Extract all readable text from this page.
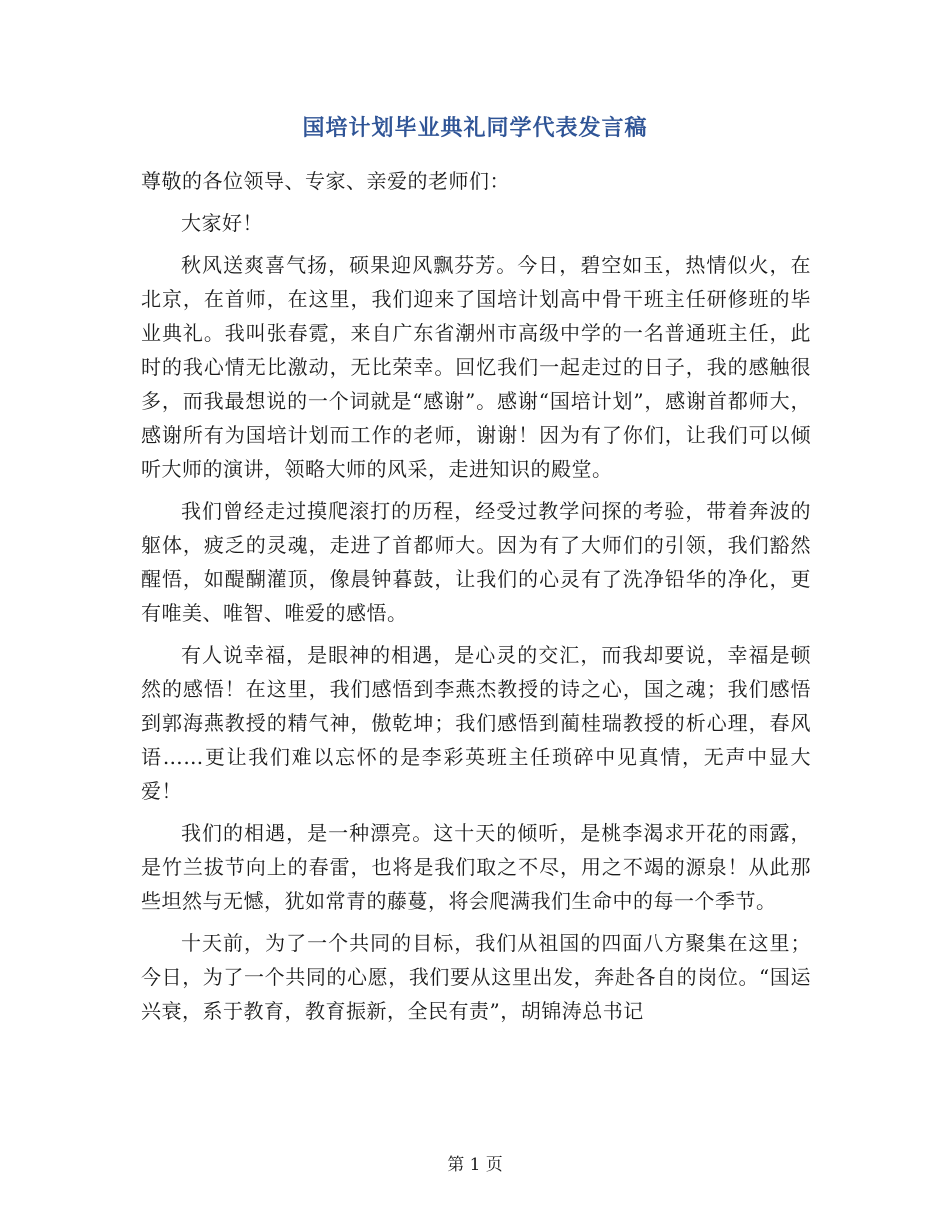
国培计划毕业典礼同学代表发言稿

尊敬的各位领导、专家、亲爱的老师们：

大家好！

秋风送爽喜气扬，硕果迎风飘芬芳。今日，碧空如玉，热情似火，在北京，在首师，在这里，我们迎来了国培计划高中骨干班主任研修班的毕业典礼。我叫张春霓，来自广东省潮州市高级中学的一名普通班主任，此时的我心情无比激动，无比荣幸。回忆我们一起走过的日子，我的感触很多，而我最想说的一个词就是“感谢”。感谢“国培计划”，感谢首都师大，感谢所有为国培计划而工作的老师，谢谢！因为有了你们，让我们可以倾听大师的演讲，领略大师的风采，走进知识的殿堂。

我们曾经走过摸爬滚打的历程，经受过教学问探的考验，带着奔波的躯体，疲乏的灵魂，走进了首都师大。因为有了大师们的引领，我们豁然醒悟，如醍醐灌顶，像晨钟暮鼓，让我们的心灵有了洗净铅华的净化，更有唯美、唯智、唯爱的感悟。

有人说幸福，是眼神的相遇，是心灵的交汇，而我却要说，幸福是顿然的感悟！在这里，我们感悟到李燕杰教授的诗之心，国之魂；我们感悟到郭海燕教授的精气神，傲乾坤；我们感悟到蔺桂瑞教授的析心理，春风语……更让我们难以忘怀的是李彩英班主任琐碎中见真情，无声中显大爱！

我们的相遇，是一种漂亮。这十天的倾听，是桃李渴求开花的雨露，是竹兰拔节向上的春雷，也将是我们取之不尽，用之不竭的源泉！从此那些坦然与无憾，犹如常青的藤蔓，将会爬满我们生命中的每一个季节。

十天前，为了一个共同的目标，我们从祖国的四面八方聚集在这里；今日，为了一个共同的心愿，我们要从这里出发，奔赴各自的岗位。“国运兴衰，系于教育，教育振新，全民有责”，胡锦涛总书记

第 1 页
